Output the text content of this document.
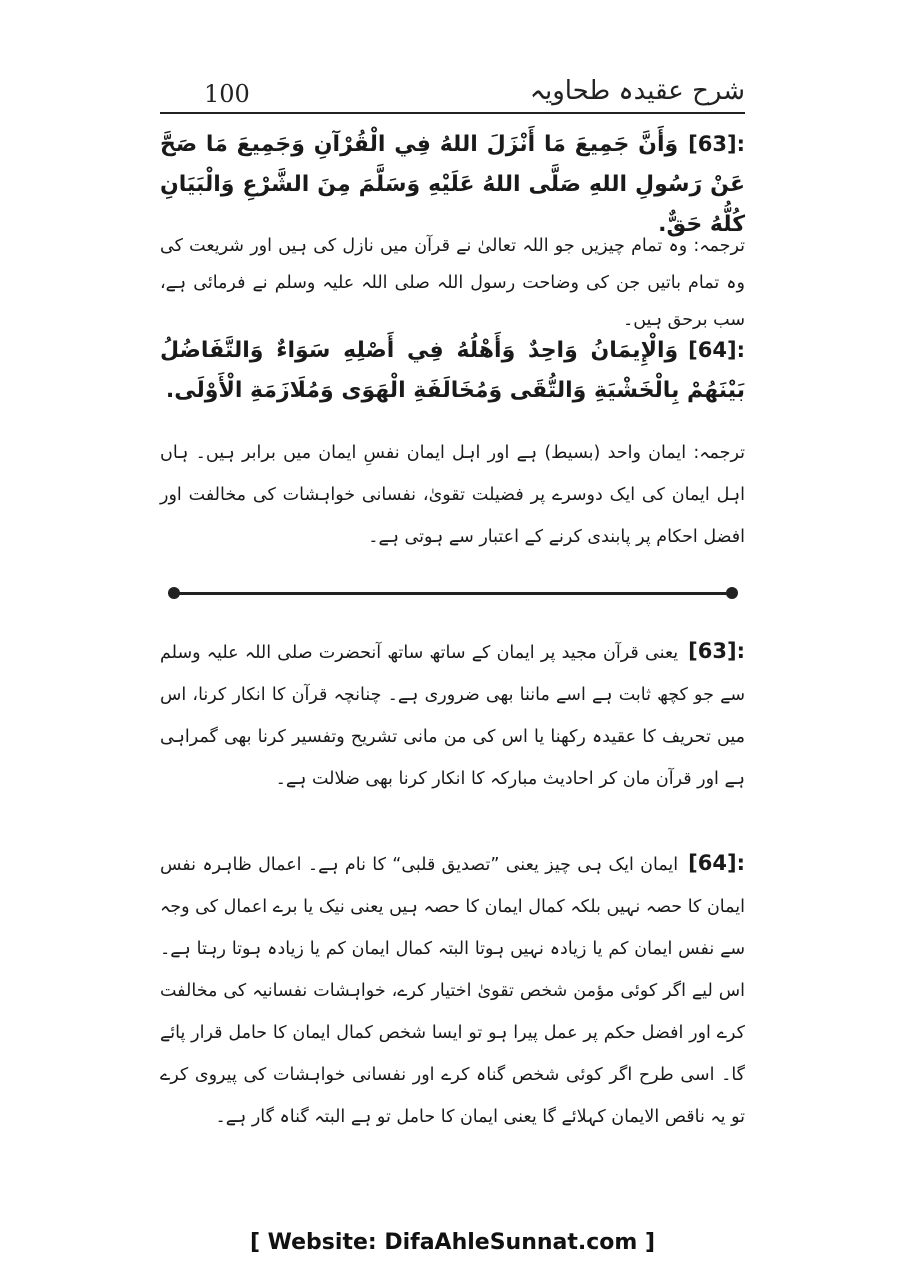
شرح عقیدہ طحاویہ
100
[63]:وَأَنَّ جَمِيعَ مَا أَنْزَلَ اللهُ فِي الْقُرْآنِ وَجَمِيعَ مَا صَحَّ عَنْ رَسُولِ اللهِ صَلَّى اللهُ عَلَيْهِ وَسَلَّمَ مِنَ الشَّرْعِ وَالْبَيَانِ كُلُّهُ حَقٌّ.
ترجمہ: وہ تمام چیزیں جو اللہ تعالیٰ نے قرآن میں نازل کی ہیں اور شریعت کی وہ تمام باتیں جن کی وضاحت رسول اللہ صلی اللہ علیہ وسلم نے فرمائی ہے، سب برحق ہیں۔
[64]:وَالْإِيمَانُ وَاحِدٌ وَأَهْلُهُ فِي أَصْلِهِ سَوَاءٌ وَالتَّفَاضُلُ بَيْنَهُمْ بِالْخَشْيَةِ وَالتُّقَى وَمُخَالَفَةِ الْهَوَى وَمُلَازَمَةِ الْأَوْلَى.
ترجمہ: ایمان واحد (بسیط) ہے اور اہل ایمان نفسِ ایمان میں برابر ہیں۔ ہاں اہل ایمان کی ایک دوسرے پر فضیلت تقویٰ، نفسانی خواہشات کی مخالفت اور افضل احکام پر پابندی کرنے کے اعتبار سے ہوتی ہے۔
[63]:یعنی قرآن مجید پر ایمان کے ساتھ ساتھ آنحضرت صلی اللہ علیہ وسلم سے جو کچھ ثابت ہے اسے ماننا بھی ضروری ہے۔ چنانچہ قرآن کا انکار کرنا، اس میں تحریف کا عقیدہ رکھنا یا اس کی من مانی تشریح وتفسیر کرنا بھی گمراہی ہے اور قرآن مان کر احادیث مبارکہ کا انکار کرنا بھی ضلالت ہے۔
[64]:ایمان ایک ہی چیز یعنی ”تصدیق قلبی“ کا نام ہے۔ اعمال ظاہرہ نفس ایمان کا حصہ نہیں بلکہ کمال ایمان کا حصہ ہیں یعنی نیک یا برے اعمال کی وجہ سے نفس ایمان کم یا زیادہ نہیں ہوتا البتہ کمال ایمان کم یا زیادہ ہوتا رہتا ہے۔ اس لیے اگر کوئی مؤمن شخص تقویٰ اختیار کرے، خواہشات نفسانیہ کی مخالفت کرے اور افضل حکم پر عمل پیرا ہو تو ایسا شخص کمال ایمان کا حامل قرار پائے گا۔ اسی طرح اگر کوئی شخص گناہ کرے اور نفسانی خواہشات کی پیروی کرے تو یہ ناقص الایمان کہلائے گا یعنی ایمان کا حامل تو ہے البتہ گناہ گار ہے۔
[ Website: DifaAhleSunnat.com ]
